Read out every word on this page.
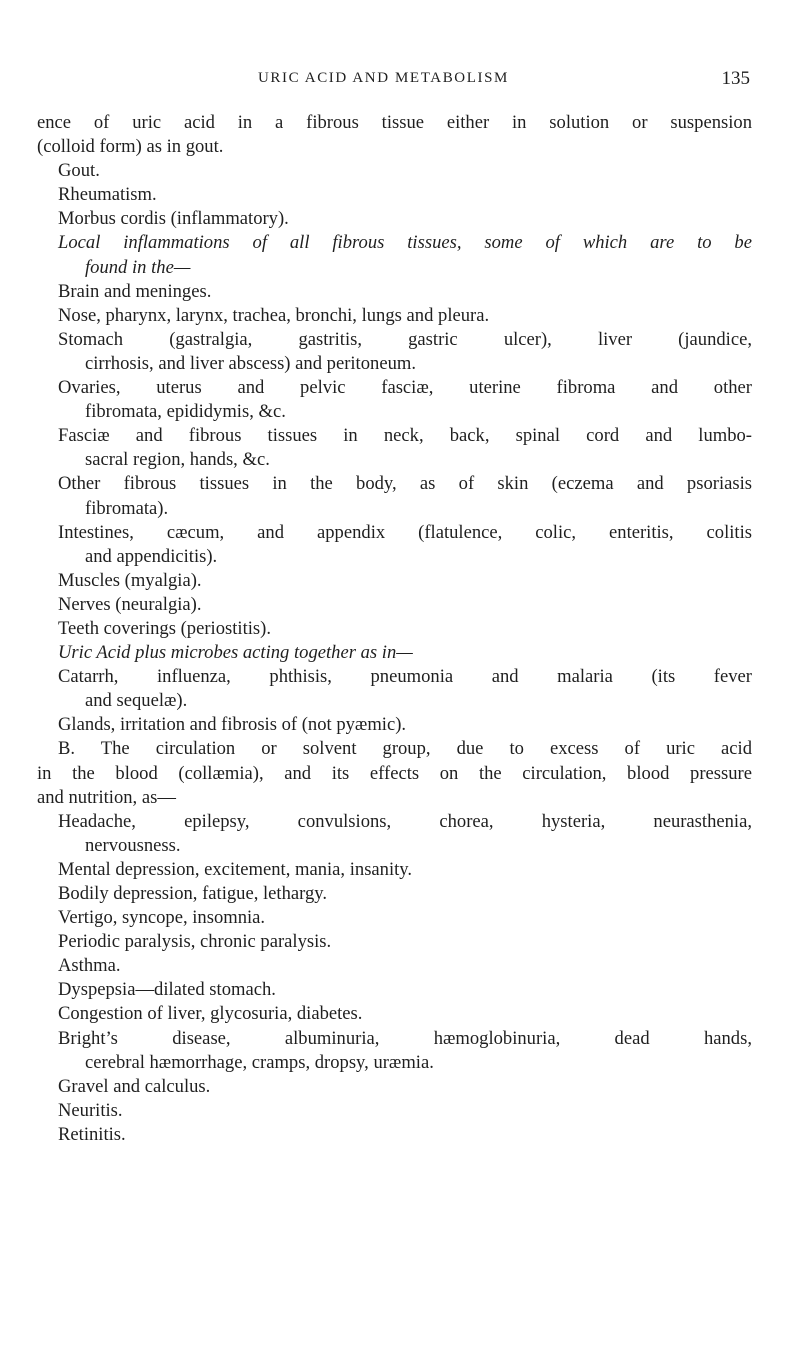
URIC ACID AND METABOLISM	135
ence of uric acid in a fibrous tissue either in solution or suspension
(colloid form) as in gout.
Gout.
Rheumatism.
Morbus cordis (inflammatory).
Local inflammations of all fibrous tissues, some of which are to be
found in the—
Brain and meninges.
Nose, pharynx, larynx, trachea, bronchi, lungs and pleura.
Stomach (gastralgia, gastritis, gastric ulcer), liver (jaundice,
cirrhosis, and liver abscess) and peritoneum.
Ovaries, uterus and pelvic fasciæ, uterine fibroma and other
fibromata, epididymis, &c.
Fasciæ and fibrous tissues in neck, back, spinal cord and lumbo-
sacral region, hands, &c.
Other fibrous tissues in the body, as of skin (eczema and psoriasis
fibromata).
Intestines, cæcum, and appendix (flatulence, colic, enteritis, colitis
and appendicitis).
Muscles (myalgia).
Nerves (neuralgia).
Teeth coverings (periostitis).
Uric Acid plus microbes acting together as in—
Catarrh, influenza, phthisis, pneumonia and malaria (its fever
and sequelæ).
Glands, irritation and fibrosis of (not pyæmic).
B. The circulation or solvent group, due to excess of uric acid
in the blood (collæmia), and its effects on the circulation, blood pressure
and nutrition, as—
Headache, epilepsy, convulsions, chorea, hysteria, neurasthenia,
nervousness.
Mental depression, excitement, mania, insanity.
Bodily depression, fatigue, lethargy.
Vertigo, syncope, insomnia.
Periodic paralysis, chronic paralysis.
Asthma.
Dyspepsia—dilated stomach.
Congestion of liver, glycosuria, diabetes.
Bright’s disease, albuminuria, hæmoglobinuria, dead hands,
cerebral hæmorrhage, cramps, dropsy, uræmia.
Gravel and calculus.
Neuritis.
Retinitis.
